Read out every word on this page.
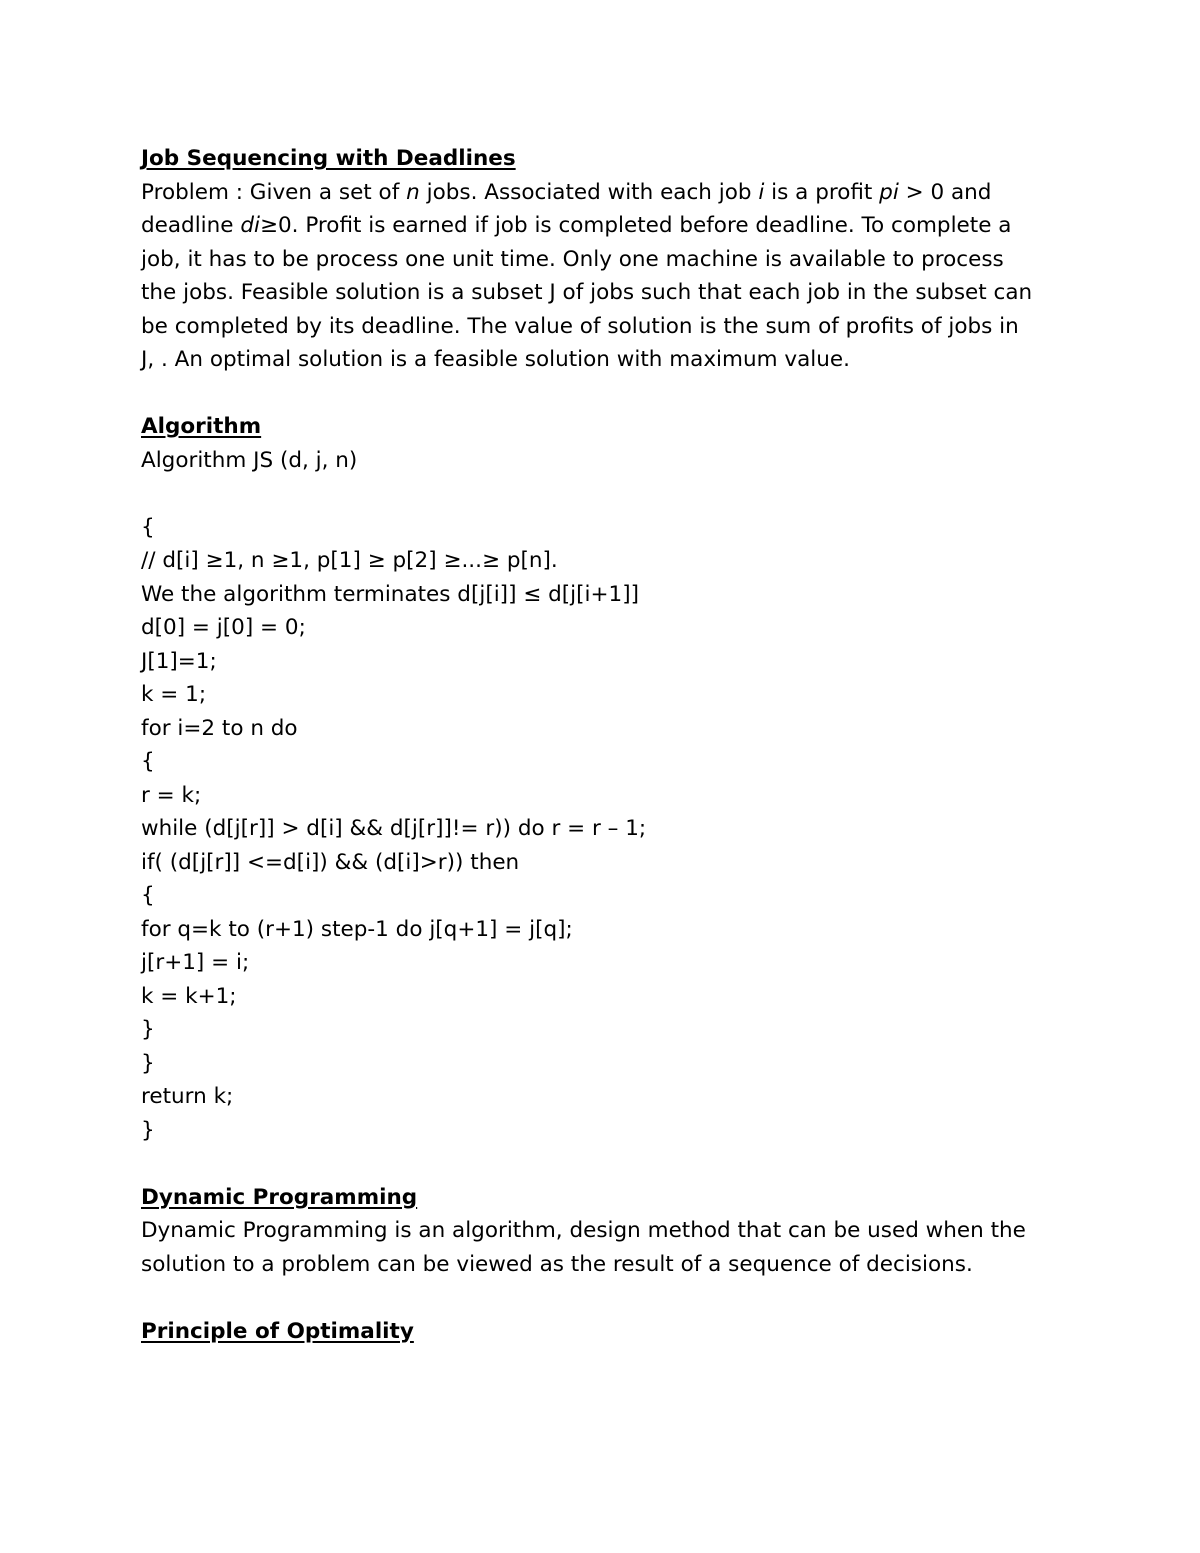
Job Sequencing with Deadlines
Problem : Given a set of n jobs. Associated with each job i is a profit pi > 0 and
deadline di≥0. Profit is earned if job is completed before deadline. To complete a
job, it has to be process one unit time. Only one machine is available to process
the jobs. Feasible solution is a subset J of jobs such that each job in the subset can
be completed by its deadline. The value of solution is the sum of profits of jobs in
J, . An optimal solution is a feasible solution with maximum value.
Algorithm
Algorithm JS (d, j, n)
{
// d[i] ≥1, n ≥1, p[1] ≥ p[2] ≥...≥ p[n].
We the algorithm terminates d[j[i]] ≤ d[j[i+1]]
d[0] = j[0] = 0;
J[1]=1;
k = 1;
for i=2 to n do
{
r = k;
while (d[j[r]] > d[i] && d[j[r]]!= r)) do r = r – 1;
if( (d[j[r]] <=d[i]) && (d[i]>r)) then
{
for q=k to (r+1) step-1 do j[q+1] = j[q];
j[r+1] = i;
k = k+1;
}
}
return k;
}
Dynamic Programming
Dynamic Programming is an algorithm, design method that can be used when the
solution to a problem can be viewed as the result of a sequence of decisions.
Principle of Optimality
